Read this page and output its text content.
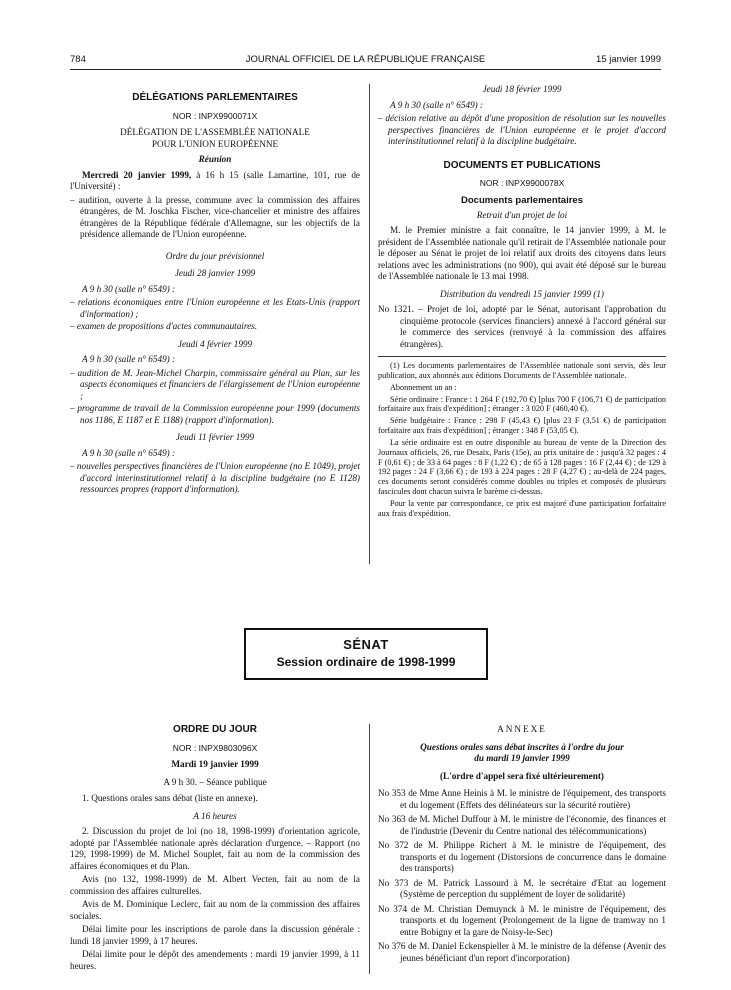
784	JOURNAL OFFICIEL DE LA RÉPUBLIQUE FRANÇAISE	15 janvier 1999
DÉLÉGATIONS PARLEMENTAIRES
NOR : INPX9900071X
DÉLÉGATION DE L'ASSEMBLÉE NATIONALE
POUR L'UNION EUROPÉENNE
Réunion

Mercredi 20 janvier 1999, à 16 h 15 (salle Lamartine, 101, rue de l'Université) :

– audition, ouverte à la presse, commune avec la commission des affaires étrangères, de M. Joschka Fischer, vice-chancelier et ministre des affaires étrangères de la République fédérale d'Allemagne, sur les objectifs de la présidence allemande de l'Union européenne.
Ordre du jour prévisionnel
Jeudi 28 janvier 1999

A 9 h 30 (salle n° 6549) :

– relations économiques entre l'Union européenne et les Etats-Unis (rapport d'information) ;
– examen de propositions d'actes communautaires.
Jeudi 4 février 1999

A 9 h 30 (salle n° 6549) :

– audition de M. Jean-Michel Charpin, commissaire général au Plan, sur les aspects économiques et financiers de l'élargissement de l'Union européenne ;
– programme de travail de la Commission européenne pour 1999 (documents nos 1186, E 1187 et E 1188) (rapport d'information).
Jeudi 11 février 1999

A 9 h 30 (salle n° 6549) :

– nouvelles perspectives financières de l'Union européenne (no E 1049), projet d'accord interinstitutionnel relatif à la discipline budgétaire (no E 1128) ressources propres (rapport d'information).
Jeudi 18 février 1999

A 9 h 30 (salle n° 6549) :

– décision relative au dépôt d'une proposition de résolution sur les nouvelles perspectives financières de l'Union européenne et le projet d'accord interinstitutionnel relatif à la discipline budgétaire.
DOCUMENTS ET PUBLICATIONS
NOR : INPX9900078X
Documents parlementaires
Retrait d'un projet de loi

M. le Premier ministre a fait connaître, le 14 janvier 1999, à M. le président de l'Assemblée nationale qu'il retirait de l'Assemblée nationale pour le déposer au Sénat le projet de loi relatif aux droits des citoyens dans leurs relations avec les administrations (no 900), qui avait été déposé sur le bureau de l'Assemblée nationale le 13 mai 1998.

Distribution du vendredi 15 janvier 1999 (1)
No 1321. – Projet de loi, adopté par le Sénat, autorisant l'approbation du cinquième protocole (services financiers) annexé à l'accord général sur le commerce des services (renvoyé à la commission des affaires étrangères).

(1) Les documents parlementaires de l'Assemblée nationale sont servis, dès leur publication, aux abonnés aux éditions Documents de l'Assemblée nationale.

Abonnement un an :

Série ordinaire : France : 1 264 F (192,70 €) [plus 700 F (106,71 €) de participation forfaitaire aux frais d'expédition] ; étranger : 3 020 F (460,40 €).

Série budgétaire : France : 298 F (45,43 €) [plus 23 F (3,51 €) de participation forfaitaire aux frais d'expédition] ; étranger : 348 F (53,05 €).

La série ordinaire est en outre disponible au bureau de vente de la Direction des Journaux officiels, 26, rue Desaix, Paris (15e), au prix unitaire de : jusqu'à 32 pages : 4 F (0,61 €) ; de 33 à 64 pages : 8 F (1,22 €) ; de 65 à 128 pages : 16 F (2,44 €) ; de 129 à 192 pages : 24 F (3,66 €) ; de 193 à 224 pages : 28 F (4,27 €) ; au-delà de 224 pages, ces documents seront considérés comme doubles ou triples et composés de plusieurs fascicules dont chacun suivra le barème ci-dessus.

Pour la vente par correspondance, ce prix est majoré d'une participation forfaitaire aux frais d'expédition.

SÉNAT
Session ordinaire de 1998-1999
ORDRE DU JOUR
NOR : INPX9803096X
Mardi 19 janvier 1999
A 9 h 30. – Séance publique

1. Questions orales sans débat (liste en annexe).

A 16 heures

2. Discussion du projet de loi (no 18, 1998-1999) d'orientation agricole, adopté par l'Assemblée nationale après déclaration d'urgence. – Rapport (no 129, 1998-1999) de M. Michel Souplet, fait au nom de la commission des affaires économiques et du Plan.

Avis (no 132, 1998-1999) de M. Albert Vecten, fait au nom de la commission des affaires culturelles.

Avis de M. Dominique Leclerc, fait au nom de la commission des affaires sociales.

Délai limite pour les inscriptions de parole dans la discussion générale : lundi 18 janvier 1999, à 17 heures.

Délai limite pour le dépôt des amendements : mardi 19 janvier 1999, à 11 heures.

ANNEXE
Questions orales sans débat inscrites à l'ordre du jour
du mardi 19 janvier 1999
(L'ordre d'appel sera fixé ultérieurement)
No 353 de Mme Anne Heinis à M. le ministre de l'équipement, des transports et du logement (Effets des délinéateurs sur la sécurité routière)
No 363 de M. Michel Duffour à M. le ministre de l'économie, des finances et de l'industrie (Devenir du Centre national des télécommunications)
No 372 de M. Philippe Richert à M. le ministre de l'équipement, des transports et du logement (Distorsions de concurrence dans le domaine des transports)
No 373 de M. Patrick Lassourd à M. le secrétaire d'Etat au logement (Système de perception du supplément de loyer de solidarité)
No 374 de M. Christian Demuynck à M. le ministre de l'équipement, des transports et du logement (Prolongement de la ligne de tramway no 1 entre Bobigny et la gare de Noisy-le-Sec)
No 376 de M. Daniel Eckenspieller à M. le ministre de la défense (Avenir des jeunes bénéficiant d'un report d'incorporation)
